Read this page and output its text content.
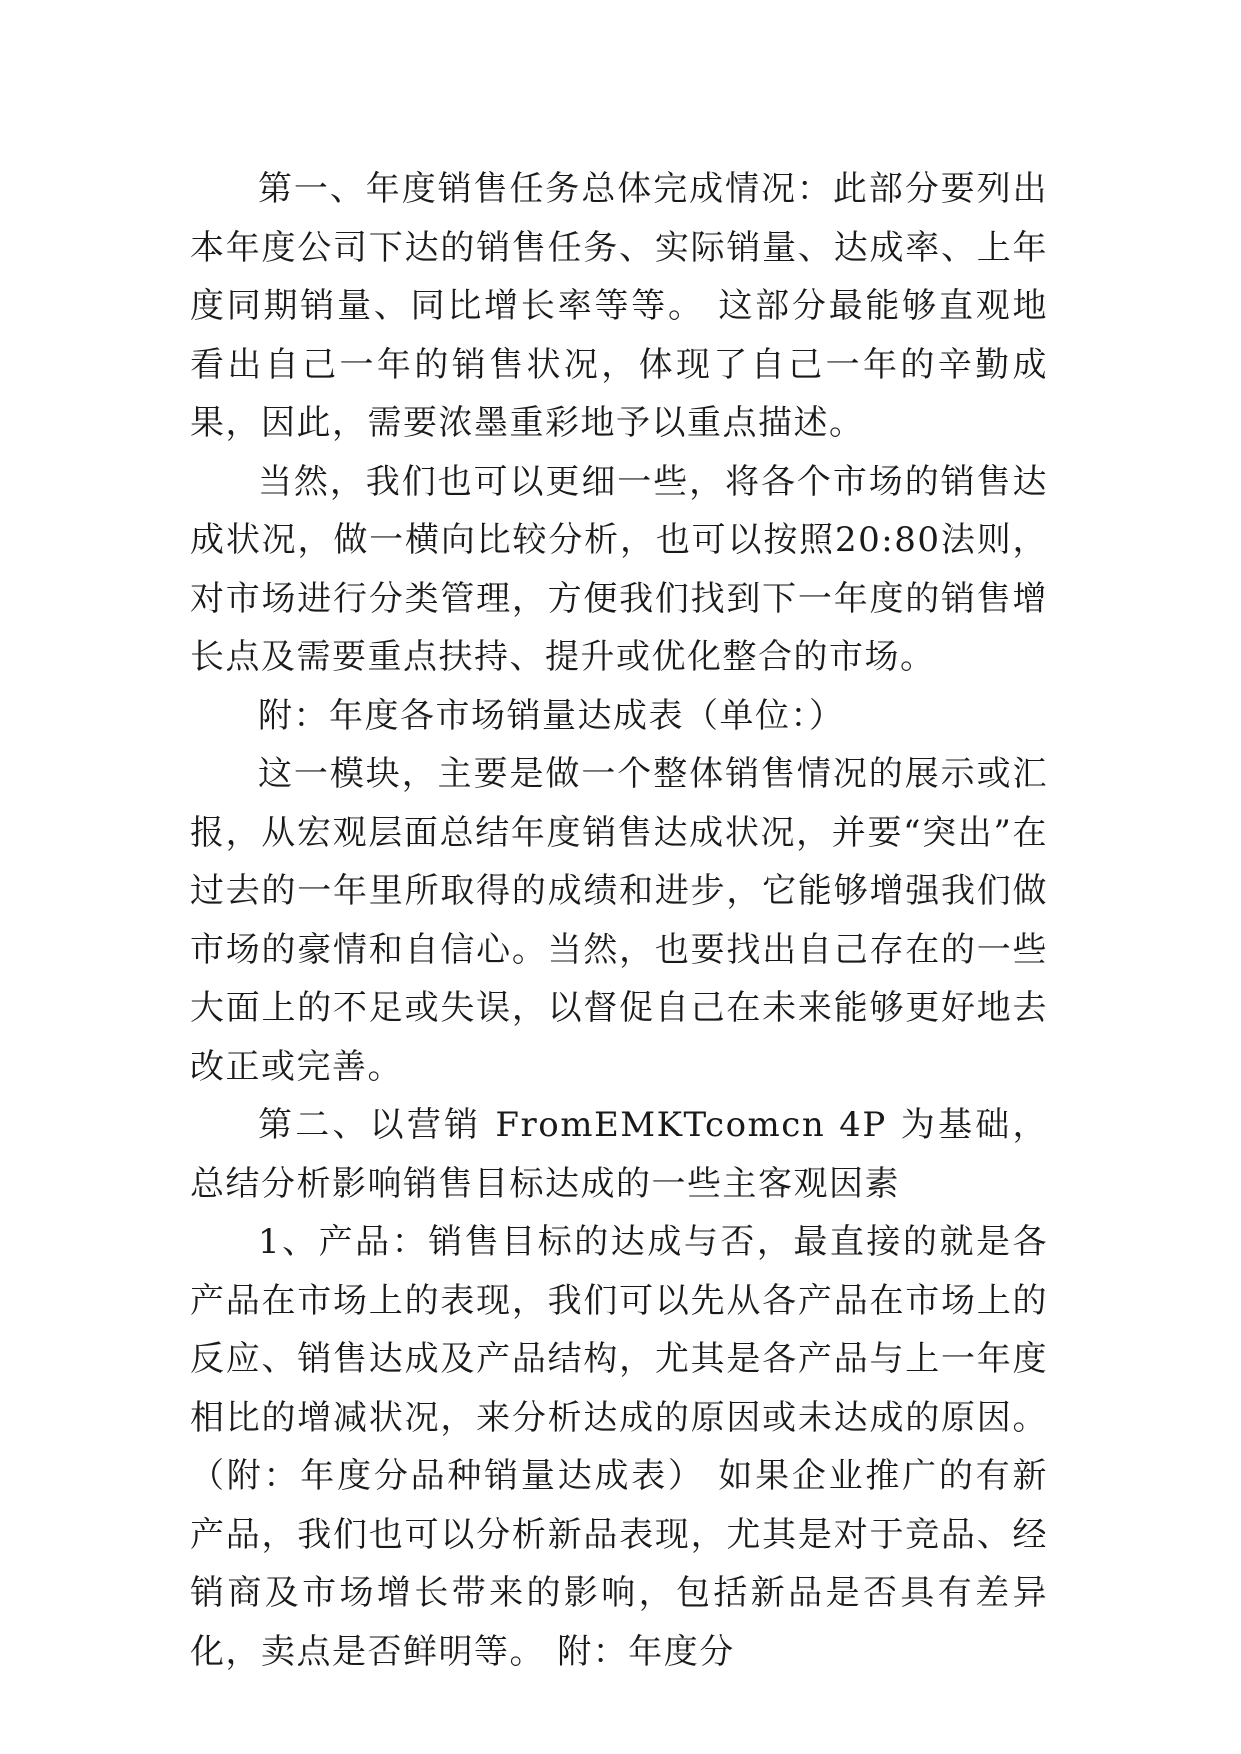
第一、年度销售任务总体完成情况：此部分要列出本年度公司下达的销售任务、实际销量、达成率、上年度同期销量、同比增长率等等。 这部分最能够直观地看出自己一年的销售状况，体现了自己一年的辛勤成果，因此，需要浓墨重彩地予以重点描述。

当然，我们也可以更细一些，将各个市场的销售达成状况，做一横向比较分析，也可以按照20:80法则，对市场进行分类管理，方便我们找到下一年度的销售增长点及需要重点扶持、提升或优化整合的市场。

附：年度各市场销量达成表（单位：）

这一模块，主要是做一个整体销售情况的展示或汇报，从宏观层面总结年度销售达成状况，并要“突出”在过去的一年里所取得的成绩和进步，它能够增强我们做市场的豪情和自信心。当然，也要找出自己存在的一些大面上的不足或失误，以督促自己在未来能够更好地去改正或完善。

第二、以营销 FromEMKTcomcn 4P 为基础，总结分析影响销售目标达成的一些主客观因素

1、产品：销售目标的达成与否，最直接的就是各产品在市场上的表现，我们可以先从各产品在市场上的反应、销售达成及产品结构，尤其是各产品与上一年度相比的增减状况，来分析达成的原因或未达成的原因。（附：年度分品种销量达成表） 如果企业推广的有新产品，我们也可以分析新品表现，尤其是对于竞品、经销商及市场增长带来的影响，包括新品是否具有差异化，卖点是否鲜明等。 附：年度分
